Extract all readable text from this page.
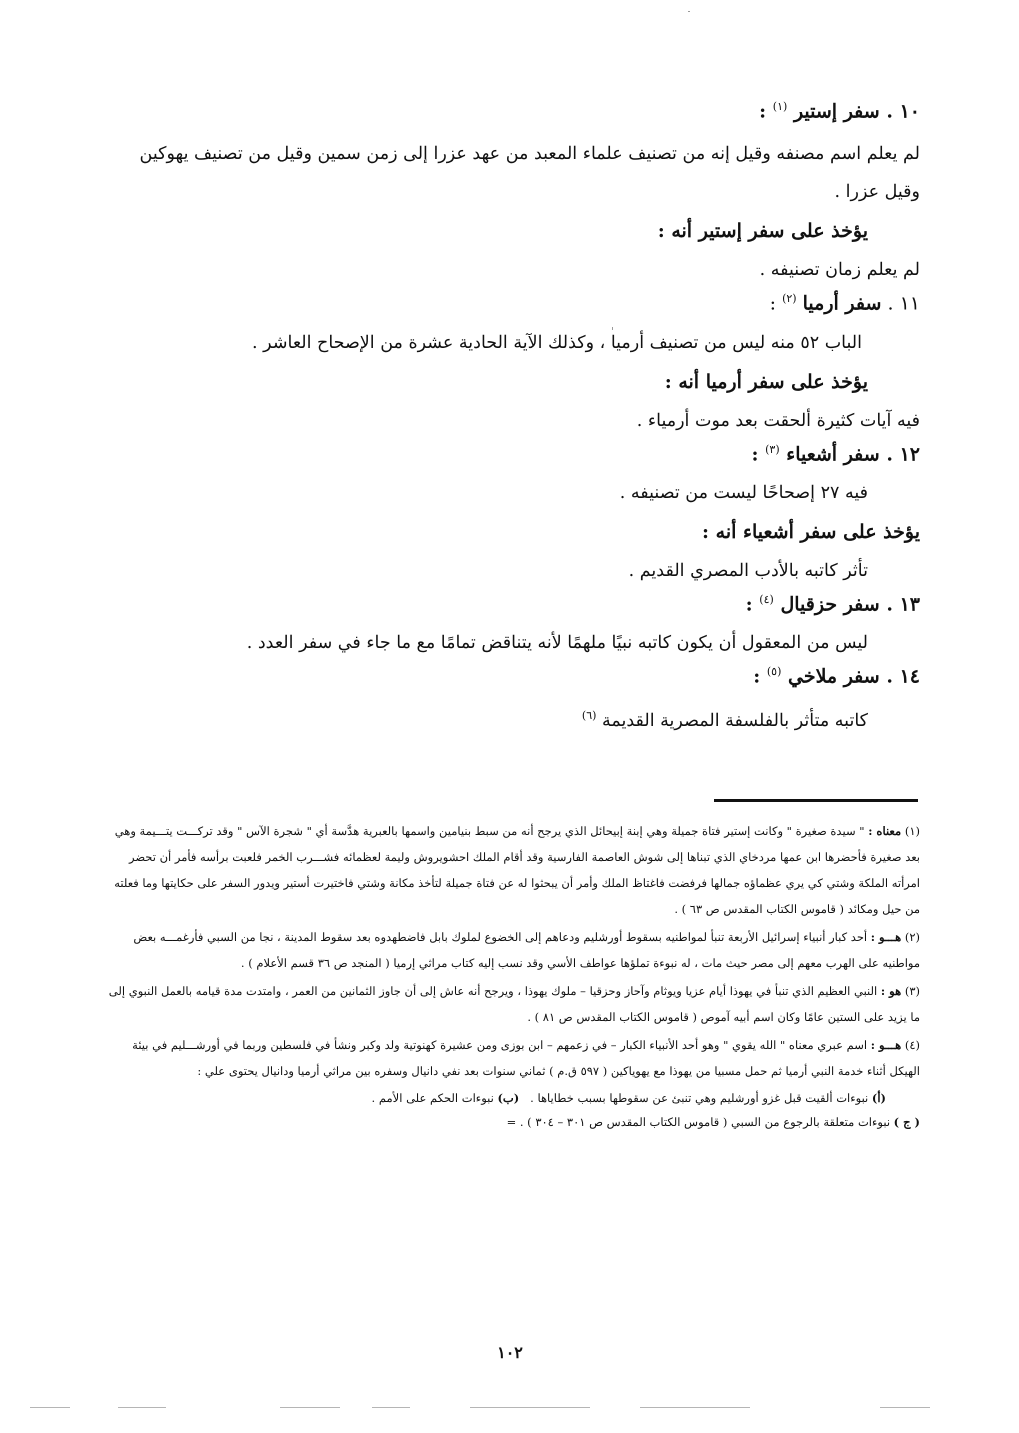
١٠ . سفر إستير $^{(١)}$ :

لم يعلم اسم مصنفه وقيل إنه من تصنيف علماء المعبد من عهد عزرا إلى زمن سمين وقيل من تصنيف يهوكين

وقيل عزرا .

يؤخذ على سفر إستير أنه :

لم يعلم زمان تصنيفه .

١١ . سفر أرميا $^{(٢)}$ :

الباب ٥٢ منه ليس من تصنيف أرميا ، وكذلك الآية الحادية عشرة من الإصحاح العاشر .

يؤخذ على سفر أرميا أنه :

فيه آيات كثيرة ألحقت بعد موت أرمياء .

١٢ . سفر أشعياء $^{(٣)}$ :

فيه ٢٧ إصحاحًا ليست من تصنيفه .

يؤخذ على سفر أشعياء أنه :

تأثر كاتبه بالأدب المصري القديم .

١٣ . سفر حزقيال $^{(٤)}$ :

ليس من المعقول أن يكون كاتبه نبيًا ملهمًا لأنه يتناقض تمامًا مع ما جاء في سفر العدد .

١٤ . سفر ملاخي $^{(٥)}$ :

كاتبه متأثر بالفلسفة المصرية القديمة $^{(٦)}$

(١) معناه : " سيدة صغيرة " وكانت إستير فتاة جميلة وهي إبنة إبيحائل الذي يرجح أنه من سبط بنيامين واسمها بالعبرية هدَّسة أي " شجرة الآس " وقد تركـــت يتـــيمة وهي بعد صغيرة فأحضرها ابن عمها مردخاي الذي تبناها إلى شوش العاصمة الفارسية وقد أقام الملك احشويروش وليمة لعظمائه فشـــرب الخمر فلعبت برأسه فأمر أن تحضر امرأته الملكة وشتي كي يري عظماؤه جمالها فرفضت فاغتاظ الملك وأمر أن يبحثوا له عن فتاة جميلة لتأخذ مكانة وشتي فاختيرت أستير ويدور السفر على حكايتها وما فعلته من حيل ومكائد ( قاموس الكتاب المقدس ص ٦٣ ) .

(٢) هـــو : أحد كبار أنبياء إسرائيل الأربعة تنبأ لمواطنيه بسقوط أورشليم ودعاهم إلى الخضوع لملوك بابل فاضطهدوه بعد سقوط المدينة ، نجا من السبي فأرغمـــه بعض مواطنيه على الهرب معهم إلى مصر حيث مات ، له نبوءة تملؤها عواطف الأسي وقد نسب إليه كتاب مراثي إرميا ( المنجد ص ٣٦ قسم الأعلام ) .

(٣) هو : النبي العظيم الذي تنبأ في يهوذا أيام عزيا ويوثام وآحاز وحزقيا – ملوك يهوذا ، ويرجح أنه عاش إلى أن جاوز الثمانين من العمر ، وامتدت مدة قيامه بالعمل النبوي إلى ما يزيد على الستين عامًا وكان اسم أبيه آموص ( قاموس الكتاب المقدس ص ٨١ ) .

(٤) هـــو : اسم عبري معناه " الله يقوي " وهو أحد الأنبياء الكبار – في زعمهم – ابن بوزى ومن عشيرة كهنوتية ولد وكبر ونشأ في فلسطين وربما في أورشـــليم في بيئة الهيكل أثناء خدمة النبي أرميا ثم حمل مسبيا من يهوذا مع يهوياكين ( ٥٩٧ ق.م ) ثماني سنوات بعد نفي دانيال وسفره بين مراثي أرميا ودانيال يحتوى علي :

(أ) نبوءات ألقيت قبل غزو أورشليم وهي تنبئ عن سقوطها بسبب خطاياها .   (ب) نبوءات الحكم على الأمم .

( ج ) نبوءات متعلقة بالرجوع من السبي ( قاموس الكتاب المقدس ص ٣٠١ – ٣٠٤ ) . =

١٠٢
